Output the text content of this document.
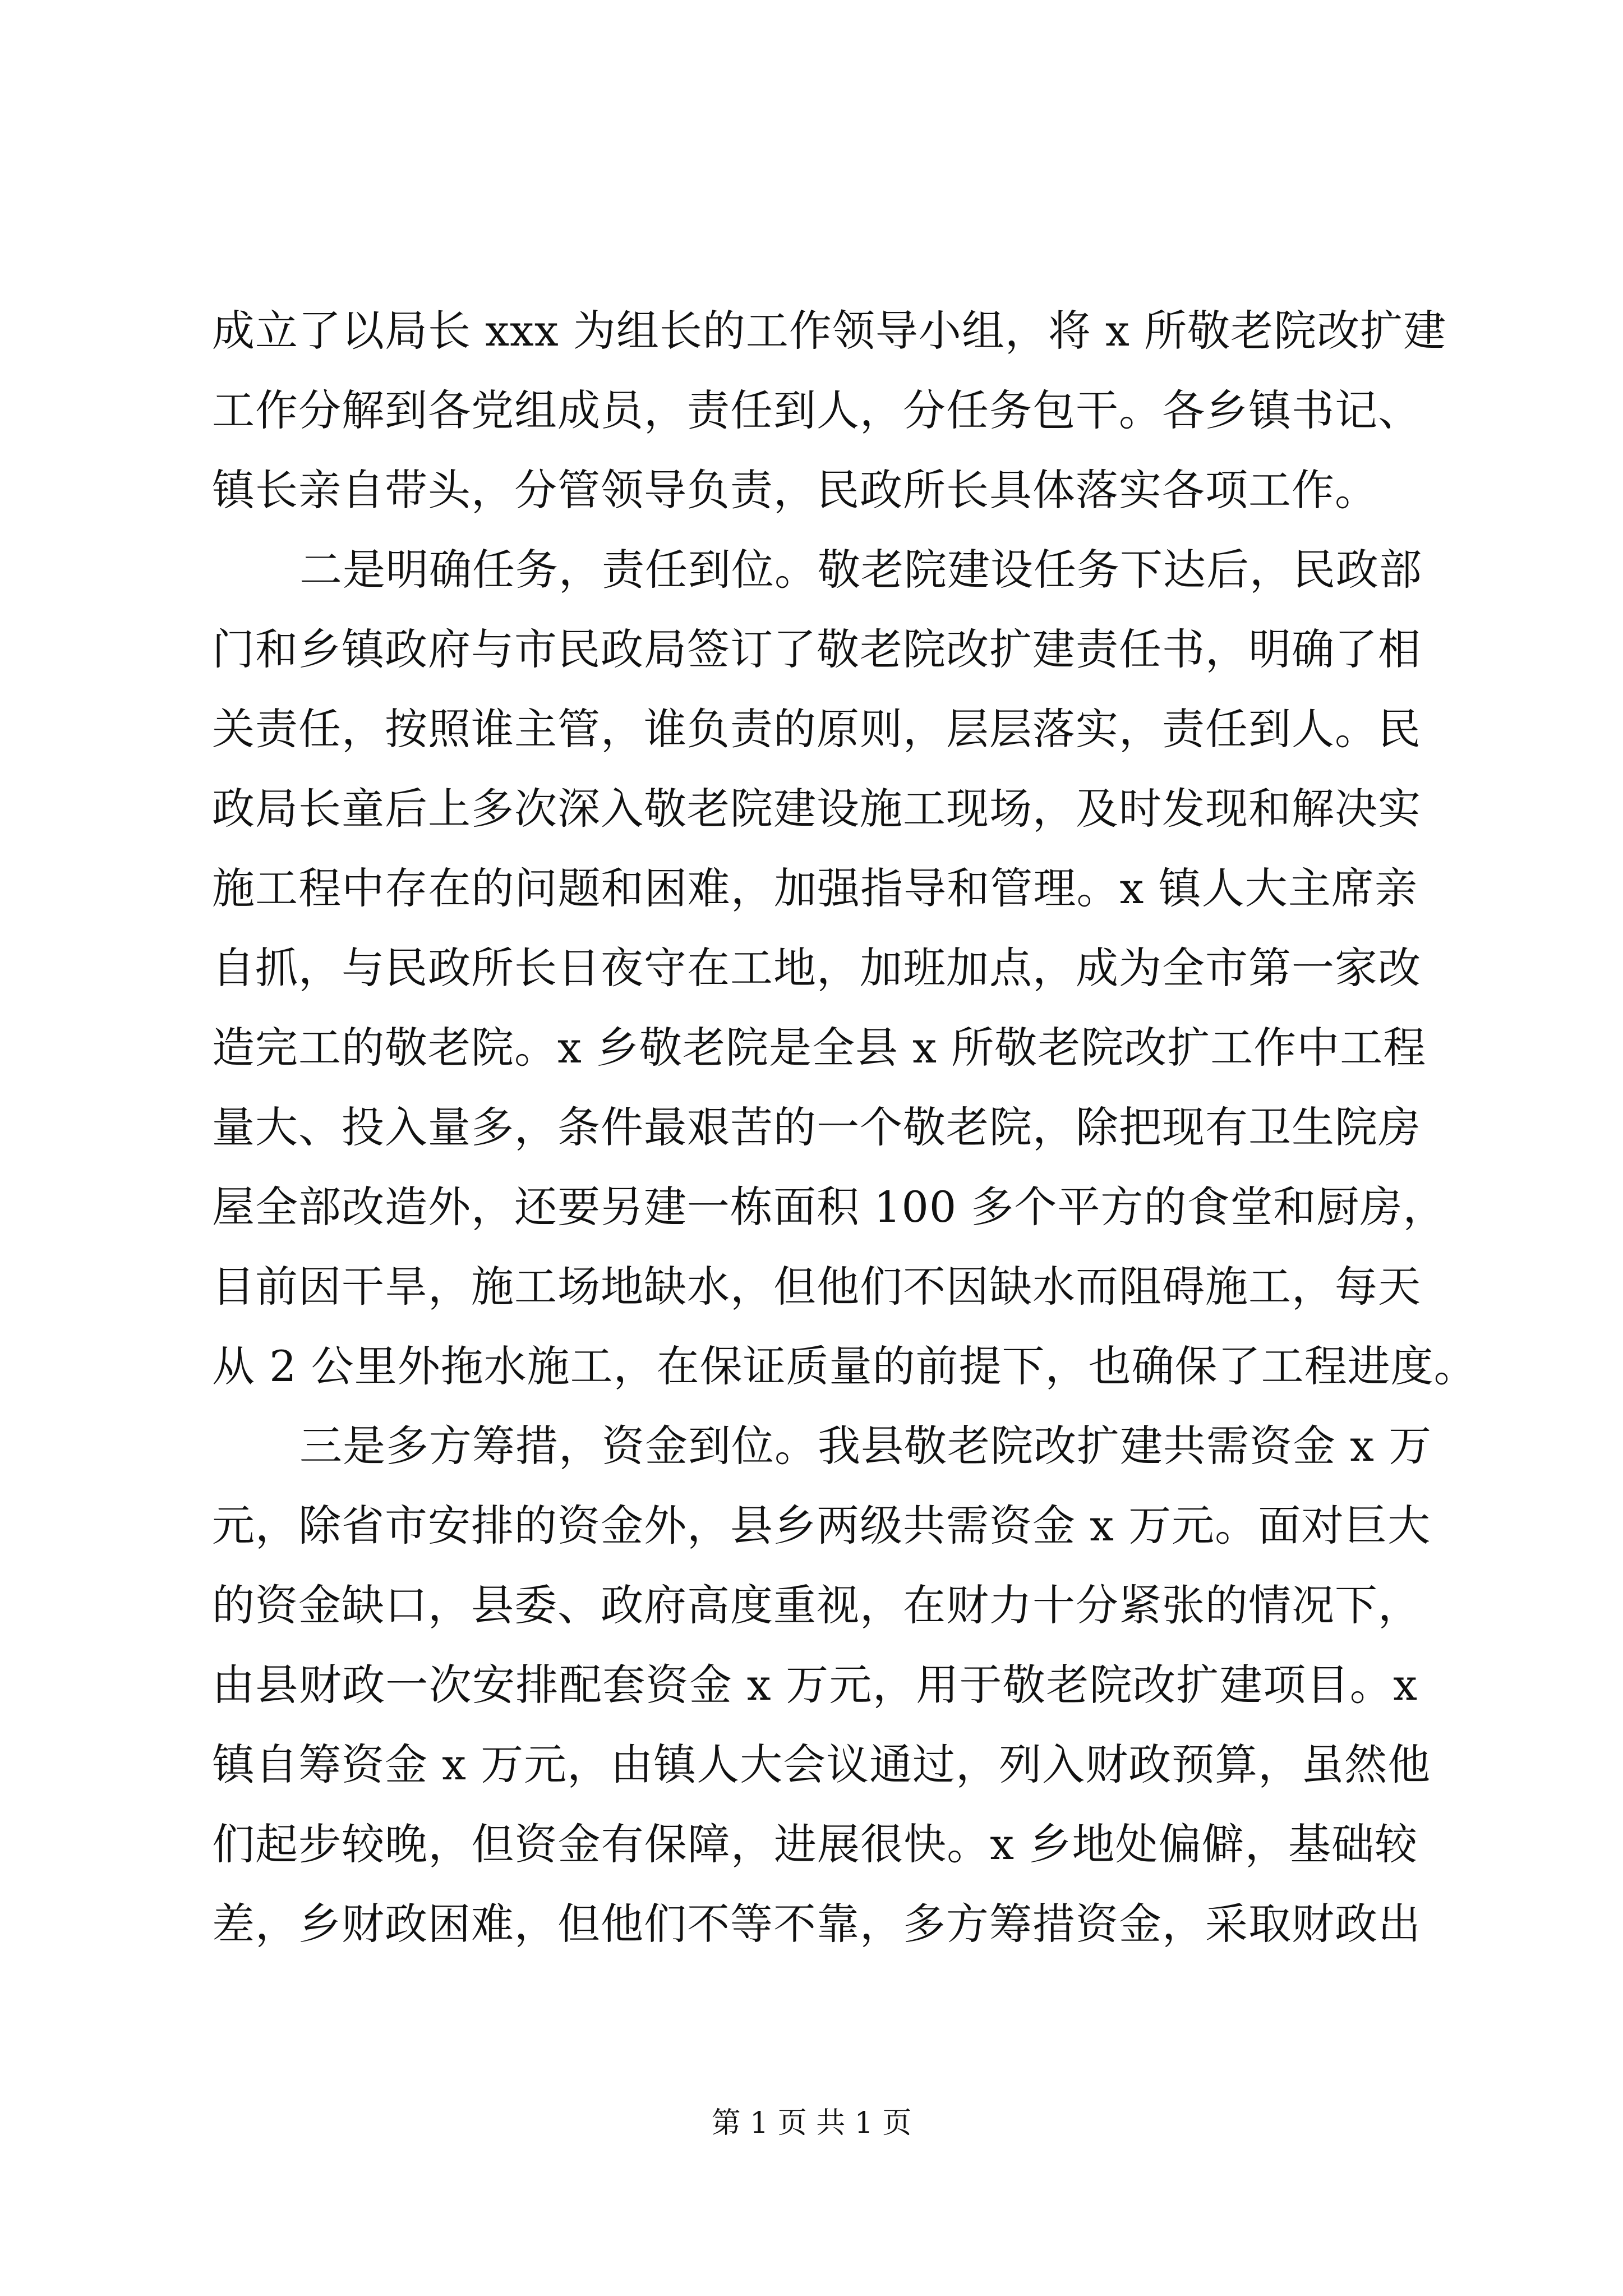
成立了以局长 xxx 为组长的工作领导小组，将 x 所敬老院改扩建
工作分解到各党组成员，责任到人，分任务包干。各乡镇书记、
镇长亲自带头，分管领导负责，民政所长具体落实各项工作。
二是明确任务，责任到位。敬老院建设任务下达后，民政部
门和乡镇政府与市民政局签订了敬老院改扩建责任书，明确了相
关责任，按照谁主管，谁负责的原则，层层落实，责任到人。民
政局长童后上多次深入敬老院建设施工现场，及时发现和解决实
施工程中存在的问题和困难，加强指导和管理。x 镇人大主席亲
自抓，与民政所长日夜守在工地，加班加点，成为全市第一家改
造完工的敬老院。x 乡敬老院是全县 x 所敬老院改扩工作中工程
量大、投入量多，条件最艰苦的一个敬老院，除把现有卫生院房
屋全部改造外，还要另建一栋面积 100 多个平方的食堂和厨房，
目前因干旱，施工场地缺水，但他们不因缺水而阻碍施工，每天
从 2 公里外拖水施工，在保证质量的前提下，也确保了工程进度。
三是多方筹措，资金到位。我县敬老院改扩建共需资金 x 万
元，除省市安排的资金外，县乡两级共需资金 x 万元。面对巨大
的资金缺口，县委、政府高度重视，在财力十分紧张的情况下，
由县财政一次安排配套资金 x 万元，用于敬老院改扩建项目。x
镇自筹资金 x 万元，由镇人大会议通过，列入财政预算，虽然他
们起步较晚，但资金有保障，进展很快。x 乡地处偏僻，基础较
差，乡财政困难，但他们不等不靠，多方筹措资金，采取财政出
第 1 页 共 1 页
